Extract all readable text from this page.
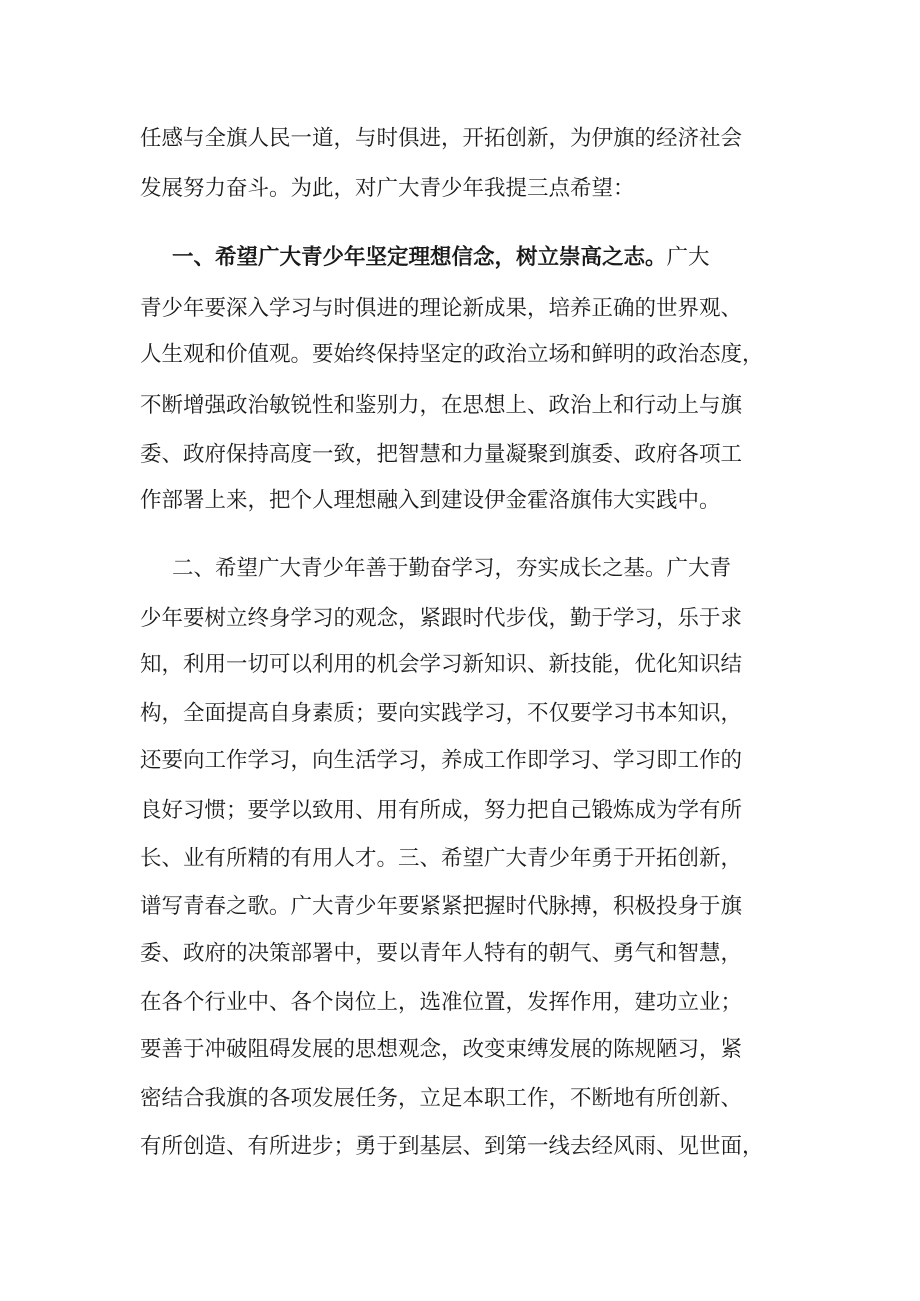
任感与全旗人民一道，与时俱进，开拓创新，为伊旗的经济社会
发展努力奋斗。为此，对广大青少年我提三点希望：
一、希望广大青少年坚定理想信念，树立崇高之志。广大
青少年要深入学习与时俱进的理论新成果，培养正确的世界观、
人生观和价值观。要始终保持坚定的政治立场和鲜明的政治态度，
不断增强政治敏锐性和鉴别力，在思想上、政治上和行动上与旗
委、政府保持高度一致，把智慧和力量凝聚到旗委、政府各项工
作部署上来，把个人理想融入到建设伊金霍洛旗伟大实践中。
二、希望广大青少年善于勤奋学习，夯实成长之基。广大青
少年要树立终身学习的观念，紧跟时代步伐，勤于学习，乐于求
知，利用一切可以利用的机会学习新知识、新技能，优化知识结
构，全面提高自身素质；要向实践学习，不仅要学习书本知识，
还要向工作学习，向生活学习，养成工作即学习、学习即工作的
良好习惯；要学以致用、用有所成，努力把自己锻炼成为学有所
长、业有所精的有用人才。三、希望广大青少年勇于开拓创新，
谱写青春之歌。广大青少年要紧紧把握时代脉搏，积极投身于旗
委、政府的决策部署中，要以青年人特有的朝气、勇气和智慧，
在各个行业中、各个岗位上，选准位置，发挥作用，建功立业；
要善于冲破阻碍发展的思想观念，改变束缚发展的陈规陋习，紧
密结合我旗的各项发展任务，立足本职工作，不断地有所创新、
有所创造、有所进步；勇于到基层、到第一线去经风雨、见世面，
